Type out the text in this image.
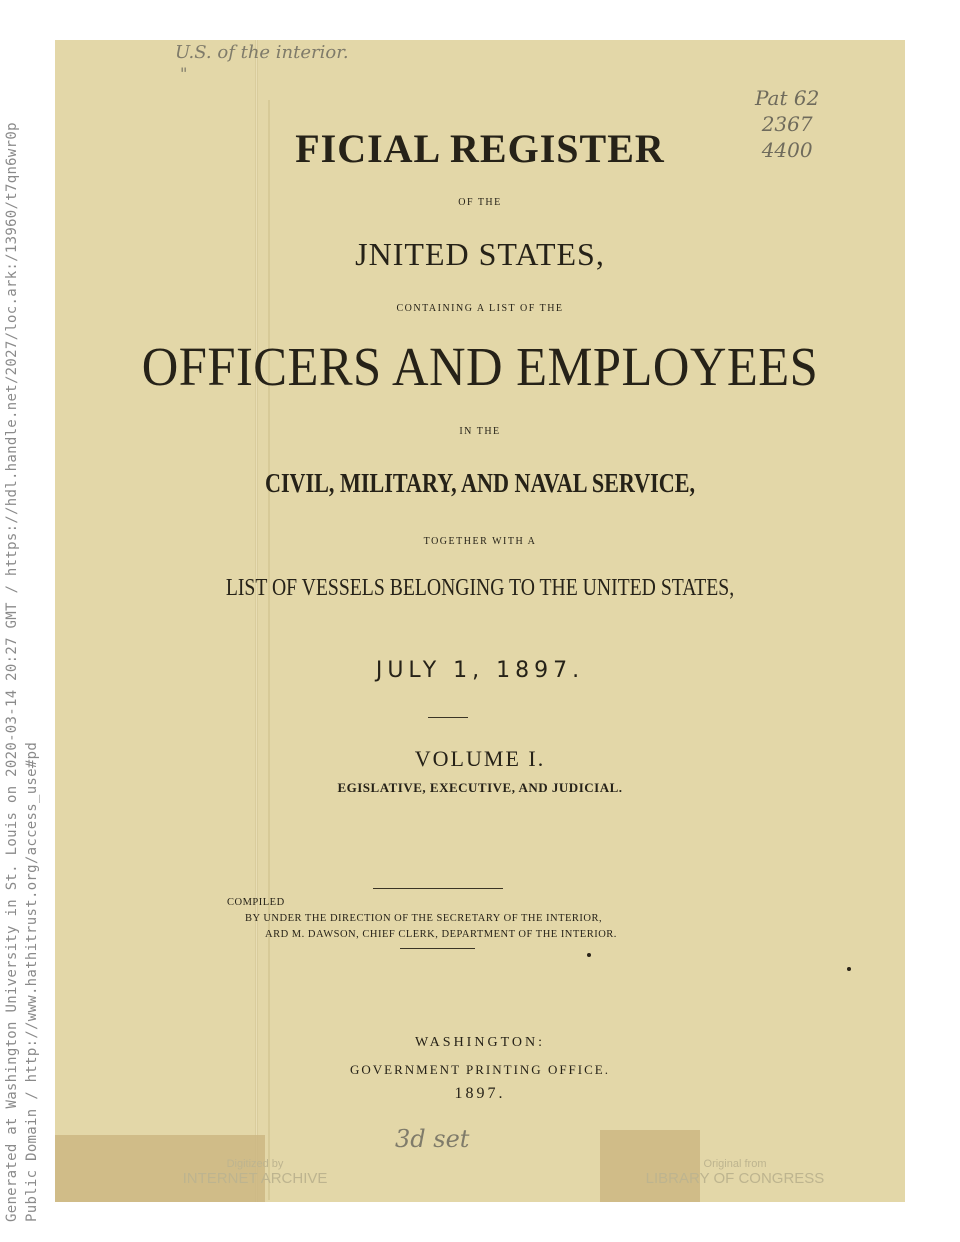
Generated at Washington University in St. Louis on 2020-03-14 20:27 GMT / https://hdl.handle.net/2027/loc.ark:/13960/t7qn6wr0p Public Domain / http://www.hathitrust.org/access_use#pd
U.S. of the interior.
"
Pat 62
2367
4400
FICIAL REGISTER
OF THE
JNITED STATES,
CONTAINING A LIST OF THE
OFFICERS AND EMPLOYEES
IN THE
CIVIL, MILITARY, AND NAVAL SERVICE,
TOGETHER WITH A
LIST OF VESSELS BELONGING TO THE UNITED STATES,
JULY 1, 1897.
VOLUME I.
EGISLATIVE, EXECUTIVE, AND JUDICIAL.
COMPILED
BY UNDER THE DIRECTION OF THE SECRETARY OF THE INTERIOR,
ARD M. DAWSON, CHIEF CLERK, DEPARTMENT OF THE INTERIOR.
WASHINGTON:
GOVERNMENT PRINTING OFFICE.
1897.
3d set
Digitized by
INTERNET ARCHIVE
Original from
LIBRARY OF CONGRESS
